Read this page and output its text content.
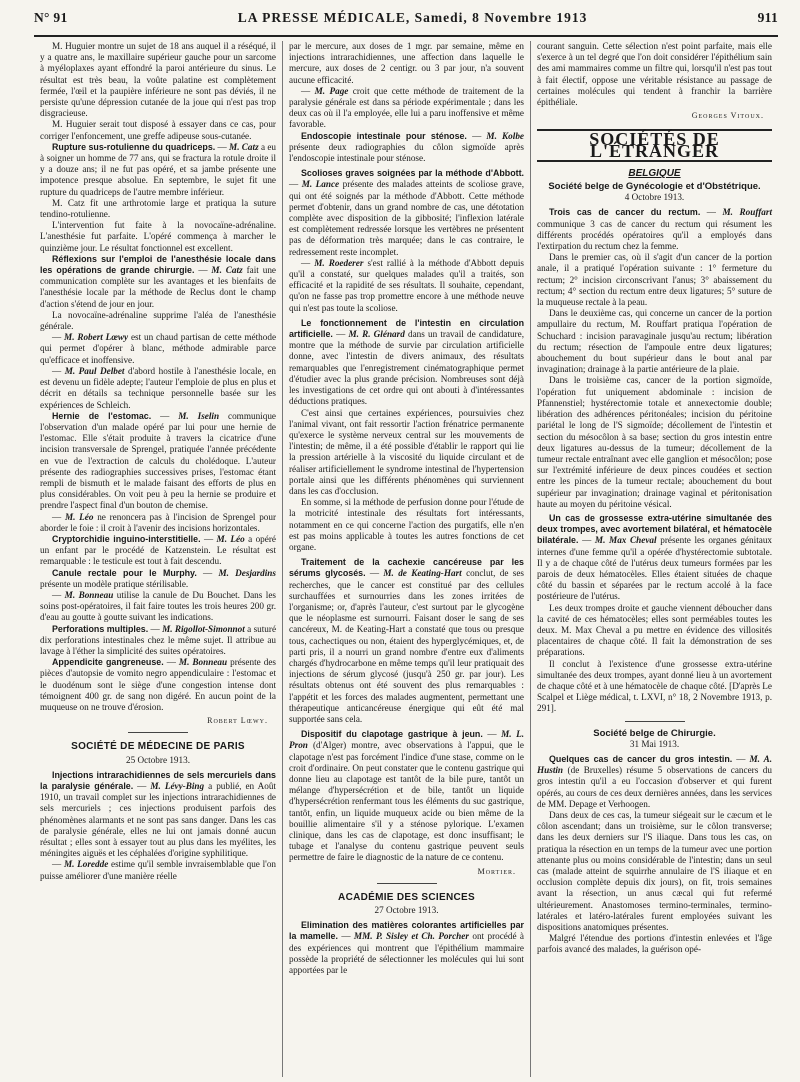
N° 91	LA PRESSE MÉDICALE, Samedi, 8 Novembre 1913	911

M. Huguier montre un sujet de 18 ans auquel il a réséqué, il y a quatre ans, le maxillaire supérieur gauche pour un sarcome à myéloplaxes ayant effondré la paroi antérieure du sinus. Le résultat est très beau, la voûte palatine est complètement fermée, l'œil et la paupière inférieure ne sont pas déviés, il ne persiste qu'une dépression cutanée de la joue qui n'est pas trop disgracieuse.

M. Huguier serait tout disposé à essayer dans ce cas, pour corriger l'enfoncement, une greffe adipeuse sous-cutanée.

Rupture sus-rotulienne du quadriceps. — M. Catz a eu à soigner un homme de 77 ans, qui se fractura la rotule droite il y a douze ans; il ne fut pas opéré, et sa jambe présente une impotence presque absolue. En septembre, le sujet fit une rupture du quadriceps de l'autre membre inférieur.

M. Catz fit une arthrotomie large et pratiqua la suture tendino-rotulienne.

L'intervention fut faite à la novocaïne-adrénaline. L'anesthésie fut parfaite. L'opéré commença à marcher le quinzième jour. Le résultat fonctionnel est excellent.

Réflexions sur l'emploi de l'anesthésie locale dans les opérations de grande chirurgie. — M. Catz fait une communication complète sur les avantages et les bienfaits de l'anesthésie locale par la méthode de Reclus dont le champ d'action s'étend de jour en jour.

La novocaïne-adrénaline supprime l'aléa de l'anesthésie générale.

— M. Robert Lœwy est un chaud partisan de cette méthode qui permet d'opérer à blanc, méthode admirable parce qu'efficace et inoffensive.

— M. Paul Delbet d'abord hostile à l'anesthésie locale, en est devenu un fidèle adepte; l'auteur l'emploie de plus en plus et décrit en détails sa technique personnelle basée sur les expériences de Schleich.

Hernie de l'estomac. — M. Iselin communique l'observation d'un malade opéré par lui pour une hernie de l'estomac. Elle s'était produite à travers la cicatrice d'une incision transversale de Sprengel, pratiquée l'année précédente en vue de l'extraction de calculs du cholédoque. L'auteur présente des radiographies successives prises, l'estomac étant rempli de bismuth et le malade faisant des efforts de plus en plus considérables. On voit peu à peu la hernie se produire et prendre l'aspect final d'un bouton de chemise.

— M. Léo ne renoncera pas à l'incision de Sprengel pour aborder le foie : il croit à l'avenir des incisions horizontales.

Cryptorchidie inguino-interstitielle. — M. Léo a opéré un enfant par le procédé de Katzenstein. Le résultat est remarquable : le testicule est tout à fait descendu.

Canule rectale pour le Murphy. — M. Desjardins présente un modèle pratique stérilisable.

— M. Bonneau utilise la canule de Du Bouchet. Dans les soins post-opératoires, il fait faire toutes les trois heures 200 gr. d'eau au goutte à goutte suivant les indications.

Perforations multiples. — M. Rigollot-Simonnot a suturé dix perforations intestinales chez le même sujet. Il attribue au lavage à l'éther la simplicité des suites opératoires.

Appendicite gangreneuse. — M. Bonneau présente des pièces d'autopsie de vomito negro appendiculaire : l'estomac et le duodénum sont le siège d'une congestion intense dont témoignent 400 gr. de sang non digéré. En aucun point de la muqueuse on ne trouve d'érosion.

Robert Lœwy.
SOCIÉTÉ DE MÉDECINE DE PARIS
25 Octobre 1913.

Injections intrarachidiennes de sels mercuriels dans la paralysie générale. — M. Lévy-Bing a publié, en Août 1910, un travail complet sur les injections intrarachidiennes de sels mercuriels ; ces injections produisent parfois des phénomènes alarmants et ne sont pas sans danger. Dans les cas de paralysie générale, elles ne lui ont jamais donné aucun résultat ; elles sont à essayer tout au plus dans les myélites, les méningites aiguës et les céphalées d'origine syphilitique.

— M. Loredde estime qu'il semble invraisemblable que l'on puisse améliorer d'une manière réelle

par le mercure, aux doses de 1 mgr. par semaine, même en injections intrarachidiennes, une affection dans laquelle le mercure, aux doses de 2 centigr. ou 3 par jour, n'a souvent aucune efficacité.

— M. Page croit que cette méthode de traitement de la paralysie générale est dans sa période expérimentale ; dans les deux cas où il l'a employée, elle lui a paru inoffensive et même favorable.

Endoscopie intestinale pour sténose. — M. Kolbe présente deux radiographies du côlon sigmoïde après l'endoscopie intestinale pour sténose.

Scolioses graves soignées par la méthode d'Abbott. — M. Lance présente des malades atteints de scoliose grave, qui ont été soignés par la méthode d'Abbott. Cette méthode permet d'obtenir, dans un grand nombre de cas, une détotation complète avec disposition de la gibbosité; l'inflexion latérale est complètement redressée lorsque les vertèbres ne présentent pas de déformation très marquée; dans le cas contraire, le redressement reste incomplet.

— M. Roederer s'est rallié à la méthode d'Abbott depuis qu'il a constaté, sur quelques malades qu'il a traités, son efficacité et la rapidité de ses résultats. Il souhaite, cependant, qu'on ne fasse pas trop promettre encore à une méthode neuve qui n'est pas toute la scoliose.

Le fonctionnement de l'intestin en circulation artificielle. — M. R. Glénard dans un travail de candidature, montre que la méthode de survie par circulation artificielle donne, avec l'intestin de divers animaux, des résultats remarquables que l'enregistrement cinématographique permet d'étudier avec la plus grande précision. Nombreuses sont déjà les investigations de cet ordre qui ont abouti à d'intéressantes déductions pratiques.

C'est ainsi que certaines expériences, poursuivies chez l'animal vivant, ont fait ressortir l'action frénatrice permanente qu'exerce le système nerveux central sur les mouvements de l'intestin; de même, il a été possible d'établir le rapport qui lie la pression artérielle à la viscosité du liquide circulant et de réaliser artificiellement le syndrome intestinal de l'hypertension portale ainsi que les différents phénomènes qui surviennent dans les cas d'occlusion.

En somme, si la méthode de perfusion donne pour l'étude de la motricité intestinale des résultats fort intéressants, notamment en ce qui concerne l'action des purgatifs, elle n'en est pas moins applicable à toutes les autres fonctions de cet organe.

Traitement de la cachexie cancéreuse par les sérums glycosés. — M. de Keating-Hart conclut, de ses recherches, que le cancer est constitué par des cellules surchauffées et surnourries dans les zones irritées de l'organisme; or, d'après l'auteur, c'est surtout par le glycogène que le néoplasme est surnourri. Faisant doser le sang de ses cancéreux, M. de Keating-Hart a constaté que tous ou presque tous, cachectiques ou non, étaient des hyperglycémiques, et, de parti pris, il a nourri un grand nombre d'entre eux d'aliments chargés d'hydrocarbone en même temps qu'il leur pratiquait des injections de sérum glycosé (jusqu'à 250 gr. par jour). Les résultats obtenus ont été souvent des plus remarquables : l'appétit et les forces des malades augmentent, permettant une thérapeutique anticancéreuse énergique qui eût été mal supportée sans cela.

Dispositif du clapotage gastrique à jeun. — M. L. Pron (d'Alger) montre, avec observations à l'appui, que le clapotage n'est pas forcément l'indice d'une stase, comme on le croit d'ordinaire. On peut constater que le contenu gastrique qui donne lieu au clapotage est tantôt de la bile pure, tantôt un mélange d'hypersécrétion et de bile, tantôt un liquide d'hypersécrétion renfermant tous les éléments du suc gastrique, tantôt, enfin, un liquide muqueux acide ou bien même de la bouillie alimentaire s'il y a sténose pylorique. L'examen clinique, dans les cas de clapotage, est donc insuffisant; le tubage et l'analyse du contenu gastrique peuvent seuls permettre de faire le diagnostic de la nature de ce contenu.

Mortier.
ACADÉMIE DES SCIENCES
27 Octobre 1913.

Elimination des matières colorantes artificielles par la mamelle. — MM. P. Sisley et Ch. Porcher ont procédé à des expériences qui montrent que l'épithélium mammaire possède la propriété de sélectionner les molécules qui lui sont apportées par le

courant sanguin. Cette sélection n'est point parfaite, mais elle s'exerce à un tel degré que l'on doit considérer l'épithélium sain des ami mammaires comme un filtre qui, lorsqu'il n'est pas tout à fait électif, oppose une véritable résistance au passage de certaines molécules qui tendent à franchir la barrière épithéliale.

Georges Vitoux.
SOCIÉTÉS DE L'ÉTRANGER
BELGIQUE
Société belge de Gynécologie et d'Obstétrique.
4 Octobre 1913.

Trois cas de cancer du rectum. — M. Rouffart communique 3 cas de cancer du rectum qui résument les différents procédés opératoires qu'il a employés dans l'extirpation du rectum chez la femme.

Dans le premier cas, où il s'agit d'un cancer de la portion anale, il a pratiqué l'opération suivante : 1° fermeture du rectum; 2° incision circonscrivant l'anus; 3° abaissement du rectum; 4° section du rectum entre deux ligatures; 5° suture de la muqueuse rectale à la peau.

Dans le deuxième cas, qui concerne un cancer de la portion ampullaire du rectum, M. Rouffart pratiqua l'opération de Schuchard : incision paravaginale jusqu'au rectum; libération du rectum; résection de l'ampoule entre deux ligatures; abouchement du bout supérieur dans le bout anal par invagination; drainage à la partie antérieure de la plaie.

Dans le troisième cas, cancer de la portion sigmoïde, l'opération fut uniquement abdominale : incision de Pfannenstiel; hystérectomie totale et annexectomie double; libération des adhérences péritonéales; incision du péritoine pariétal le long de l'S sigmoïde; décollement de l'intestin et section du mésocôlon à sa base; section du gros intestin entre deux ligatures au-dessus de la tumeur; décollement de la tumeur rectale entraînant avec elle ganglion et mésocôlon; pose sur l'extrémité inférieure de deux pinces coudées et section entre les pinces de la tumeur rectale; abouchement du bout supérieur par invagination; drainage vaginal et péritonisation haute au moyen du péritoine vésical.

Un cas de grossesse extra-utérine simultanée des deux trompes, avec avortement bilatéral, et hématocèle bilatérale. — M. Max Cheval présente les organes génitaux internes d'une femme qu'il a opérée d'hystérectomie subtotale. Il y a de chaque côté de l'utérus deux tumeurs formées par les parois de deux hématocèles. Elles étaient situées de chaque côté du bassin et séparées par le rectum accolé à la face postérieure de l'utérus.

Les deux trompes droite et gauche viennent déboucher dans la cavité de ces hématocèles; elles sont perméables toutes les deux. M. Max Cheval a pu mettre en évidence des villosités placentaires de chaque côté. Il fait la démonstration de ses préparations.

Il conclut à l'existence d'une grossesse extra-utérine simultanée des deux trompes, ayant donné lieu à un avortement de chaque côté et à une hématocèle de chaque côté. [D'après Le Scalpel et Liège médical, t. LXVI, n° 18, 2 Novembre 1913, p. 291].

Société belge de Chirurgie.
31 Mai 1913.

Quelques cas de cancer du gros intestin. — M. A. Hustin (de Bruxelles) résume 5 observations de cancers du gros intestin qu'il a eu l'occasion d'observer et qui furent opérés, au cours de ces deux dernières années, dans les services de MM. Depage et Verhoogen.

Dans deux de ces cas, la tumeur siégeait sur le cæcum et le côlon ascendant; dans un troisième, sur le côlon transverse; dans les deux derniers sur l'S iliaque. Dans tous les cas, on pratiqua la résection en un temps de la tumeur avec une portion attenante plus ou moins considérable de l'intestin; dans un seul cas (malade atteint de squirrhe annulaire de l'S iliaque et en occlusion complète depuis dix jours), on fit, trois semaines avant la résection, un anus cæcal qui fut refermé ultérieurement. Anastomoses termino-terminales, termino-latérales et latéro-latérales furent employées suivant les dispositions anatomiques présentes.

Malgré l'étendue des portions d'intestin enlevées et l'âge parfois avancé des malades, la guérison opé-
